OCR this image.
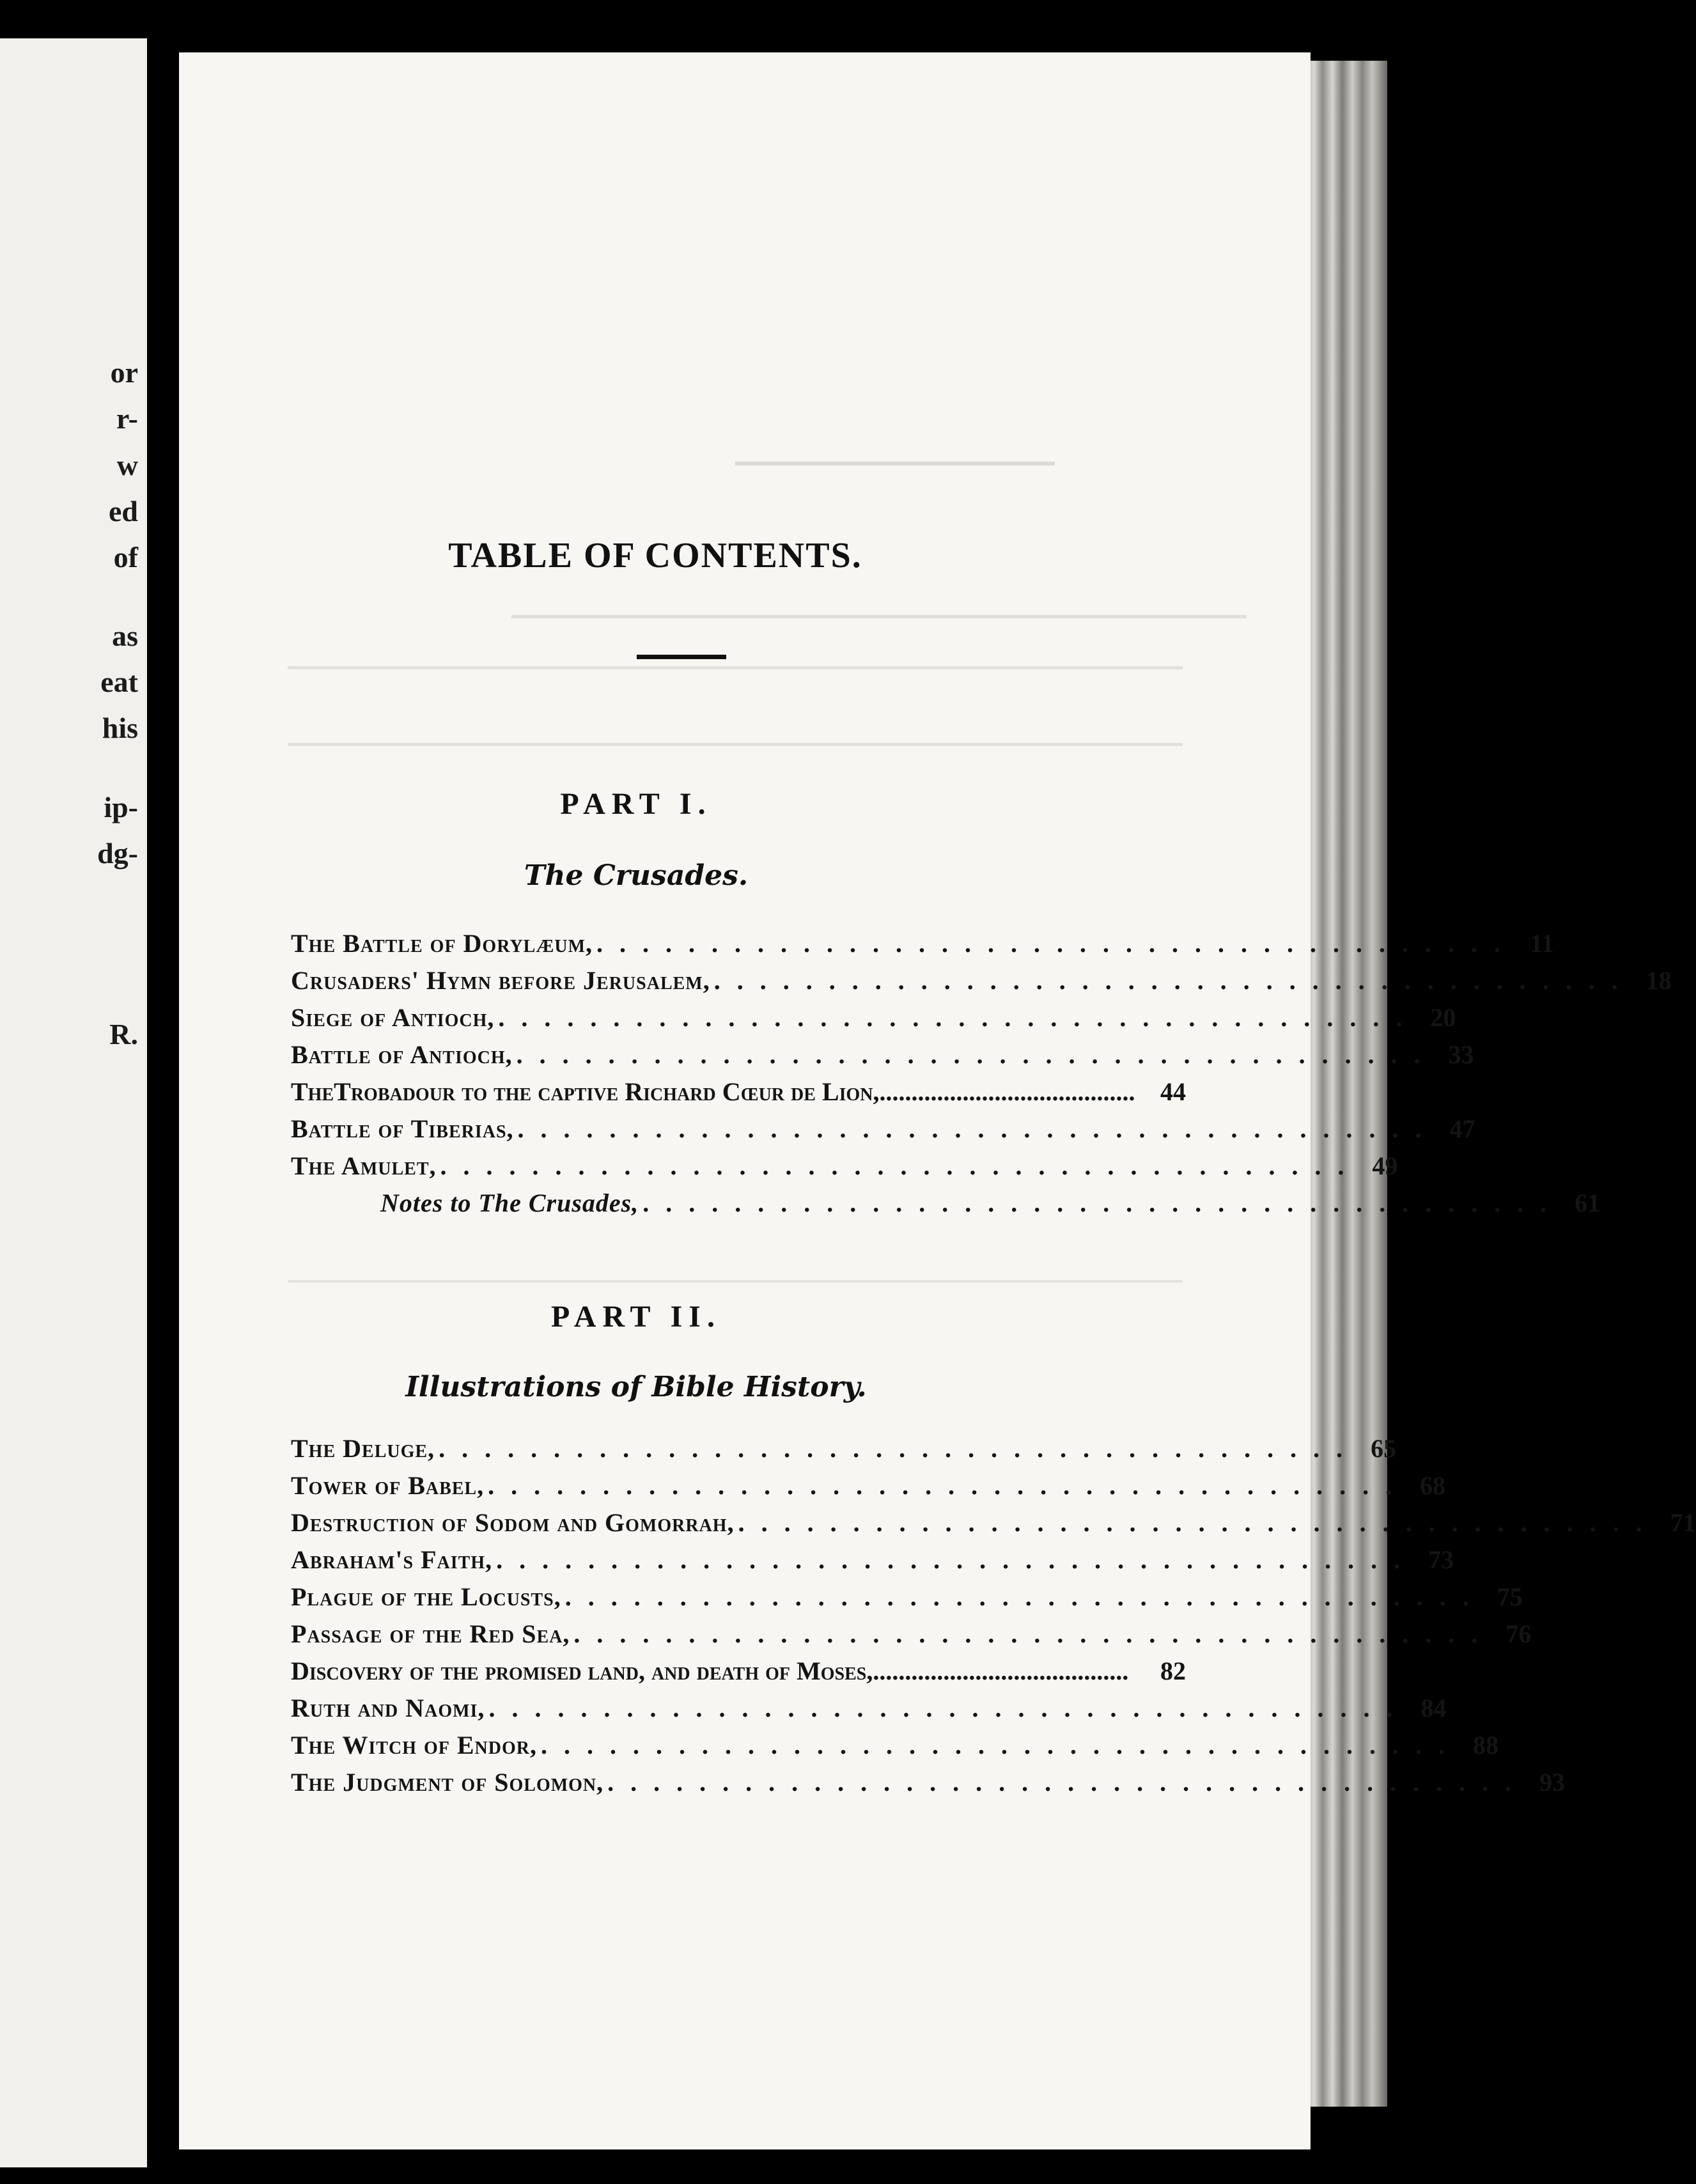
or
r-
w
ed
of
as
eat
his
ip-
dg-
R.
TABLE OF CONTENTS.
PART I.
The Crusades.
The Battle of Dorylæum, ........................................ 11
Crusaders' Hymn before Jerusalem, ........................................ 18
Siege of Antioch, ........................................ 20
Battle of Antioch, ........................................ 33
TheTrobadour to the captive Richard Cœur de Lion, ........................................ 44
Battle of Tiberias, ........................................ 47
The Amulet, ........................................ 49
Notes to The Crusades, ........................................ 61
PART II.
Illustrations of Bible History.
The Deluge, ........................................ 65
Tower of Babel, ........................................ 68
Destruction of Sodom and Gomorrah, ........................................ 71
Abraham's Faith, ........................................ 73
Plague of the Locusts, ........................................ 75
Passage of the Red Sea, ........................................ 76
Discovery of the promised land, and death of Moses, ........................................	82
Ruth and Naomi, ........................................ 84
The Witch of Endor, ........................................ 88
The Judgment of Solomon, ........................................ 93
